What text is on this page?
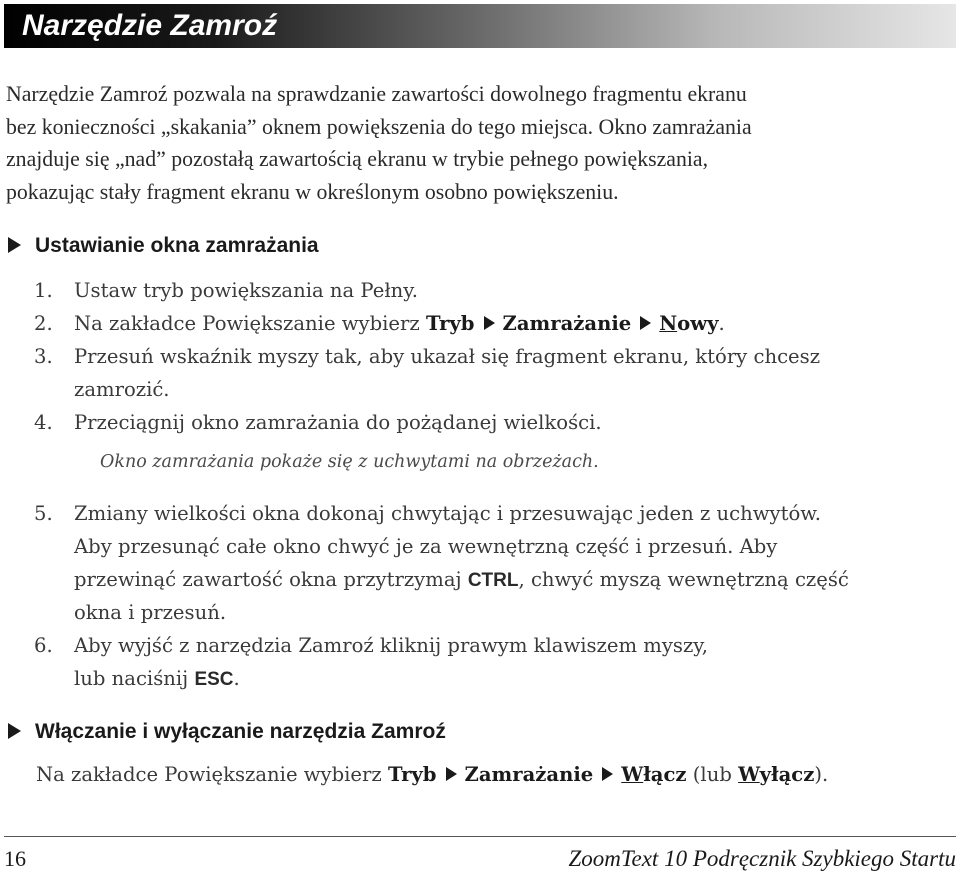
Narzędzie Zamroź
Narzędzie Zamroź pozwala na sprawdzanie zawartości dowolnego fragmentu ekranu
bez konieczności „skakania” oknem powiększenia do tego miejsca. Okno zamrażania
znajduje się „nad” pozostałą zawartością ekranu w trybie pełnego powiększania,
pokazując stały fragment ekranu w określonym osobno powiększeniu.
Ustawianie okna zamrażania
1. Ustaw tryb powiększania na Pełny.
2. Na zakładce Powiększanie wybierz Tryb Zamrażanie Nowy.
3. Przesuń wskaźnik myszy tak, aby ukazał się fragment ekranu, który chcesz
zamrozić.
4. Przeciągnij okno zamrażania do pożądanej wielkości.
Okno zamrażania pokaże się z uchwytami na obrzeżach.
5. Zmiany wielkości okna dokonaj chwytając i przesuwając jeden z uchwytów.
Aby przesunąć całe okno chwyć je za wewnętrzną część i przesuń. Aby
przewinąć zawartość okna przytrzymaj CTRL, chwyć myszą wewnętrzną część
okna i przesuń.
6. Aby wyjść z narzędzia Zamroź kliknij prawym klawiszem myszy,
lub naciśnij ESC.
Włączanie i wyłączanie narzędzia Zamroź
Na zakładce Powiększanie wybierz Tryb Zamrażanie Włącz (lub Wyłącz).
16	ZoomText 10 Podręcznik Szybkiego Startu
